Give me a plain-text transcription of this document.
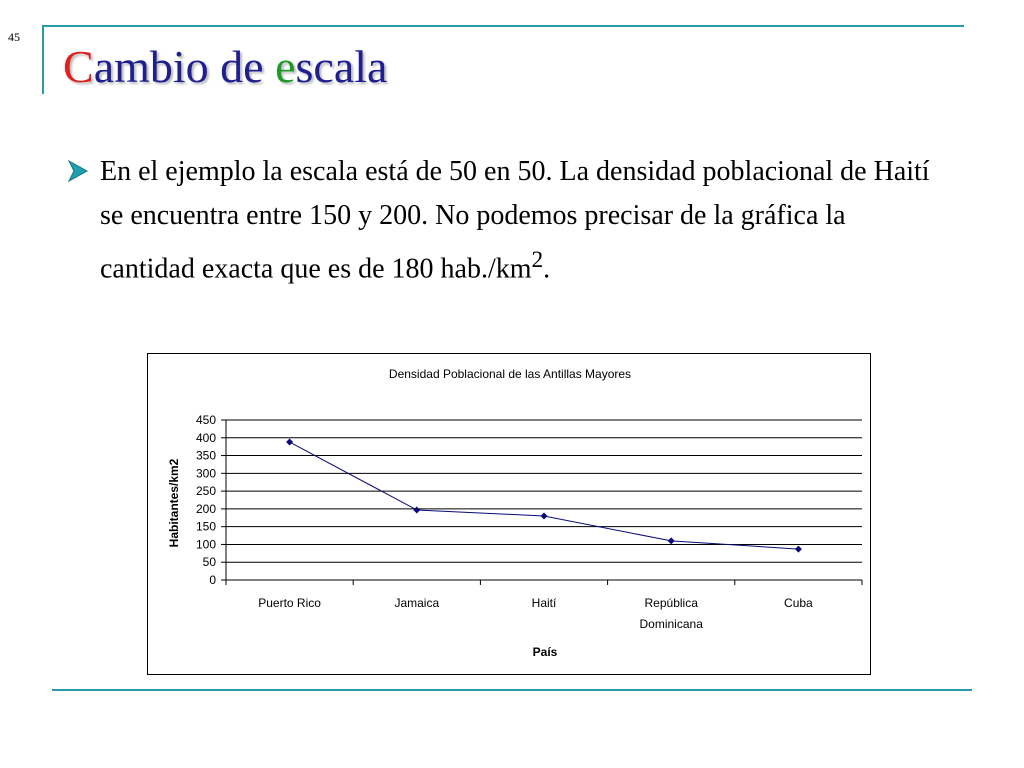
45
Cambio de escala

En el ejemplo la escala está de 50 en 50. La densidad poblacional de Haití se encuentra entre 150 y 200. No podemos precisar de la gráfica la cantidad exacta que es de 180 $hab./km^2$.

Densidad Poblacional de las Antillas Mayores
0
50
100
150
200
250
300
350
400
450
Puerto Rico	Jamaica	Haití	República
Dominicana
Cuba
Habitantes/km2
País
